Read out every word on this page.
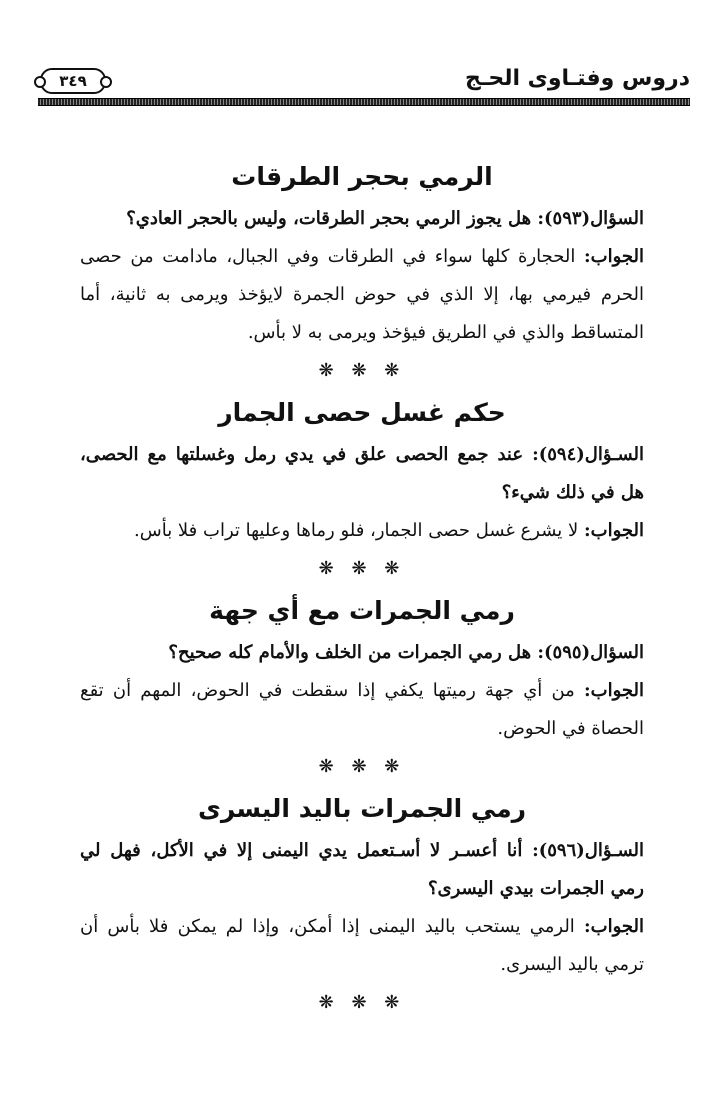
دروس وفتـاوى الحـج
٣٤٩
الرمي بحجر الطرقات

السؤال(٥٩٣): هل يجوز الرمي بحجر الطرقات، وليس بالحجر العادي؟

الجواب: الحجارة كلها سواء في الطرقات وفي الجبال، مادامت من حصى الحرم فيرمي بها، إلا الذي في حوض الجمرة لايؤخذ ويرمى به ثانية، أما المتساقط والذي في الطريق فيؤخذ ويرمى به لا بأس.

❋ ❋ ❋
حكم غسل حصى الجمار

السـؤال(٥٩٤): عند جمع الحصى علق في يدي رمل وغسلتها مع الحصى، هل في ذلك شيء؟

الجواب: لا يشرع غسل حصى الجمار، فلو رماها وعليها تراب فلا بأس.

❋ ❋ ❋
رمي الجمرات مع أي جهة

السؤال(٥٩٥): هل رمي الجمرات من الخلف والأمام كله صحيح؟

الجواب: من أي جهة رميتها يكفي إذا سقطت في الحوض، المهم أن تقع الحصاة في الحوض.

❋ ❋ ❋
رمي الجمرات باليد اليسرى

السـؤال(٥٩٦): أنا أعسـر لا أسـتعمل يدي اليمنى إلا في الأكل، فهل لي رمي الجمرات بيدي اليسرى؟

الجواب: الرمي يستحب باليد اليمنى إذا أمكن، وإذا لم يمكن فلا بأس أن ترمي باليد اليسرى.

❋ ❋ ❋
